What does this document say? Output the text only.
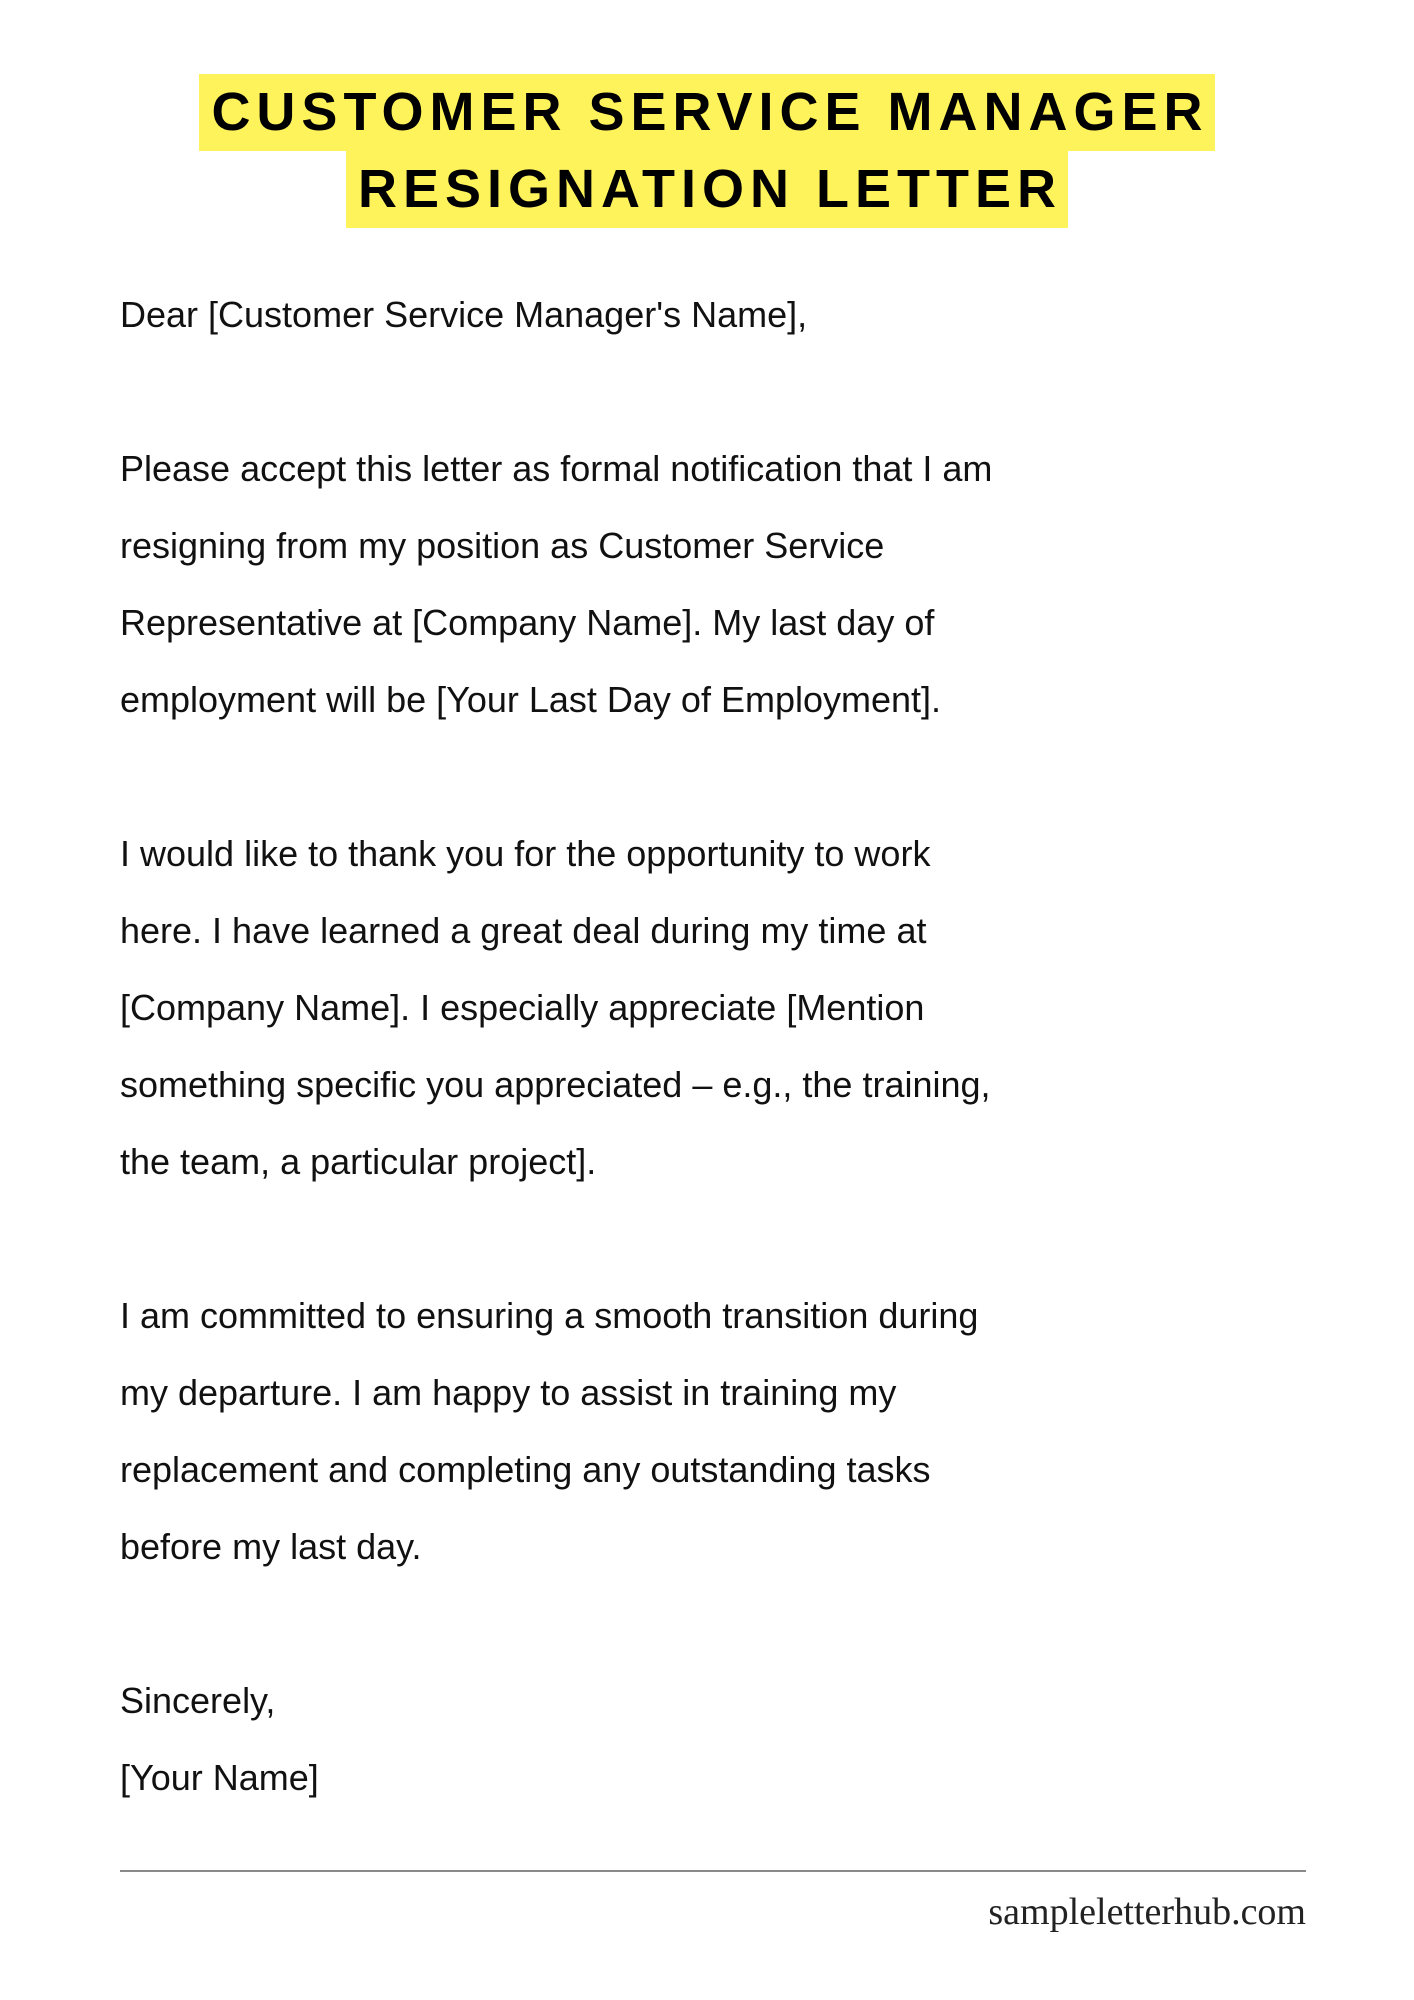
CUSTOMER SERVICE MANAGER
RESIGNATION LETTER

Dear [Customer Service Manager's Name],

Please accept this letter as formal notification that I am
resigning from my position as Customer Service
Representative at [Company Name]. My last day of
employment will be [Your Last Day of Employment].

I would like to thank you for the opportunity to work
here. I have learned a great deal during my time at
[Company Name]. I especially appreciate [Mention
something specific you appreciated – e.g., the training,
the team, a particular project].

I am committed to ensuring a smooth transition during
my departure. I am happy to assist in training my
replacement and completing any outstanding tasks
before my last day.

Sincerely,
[Your Name]

sampleletterhub.com
